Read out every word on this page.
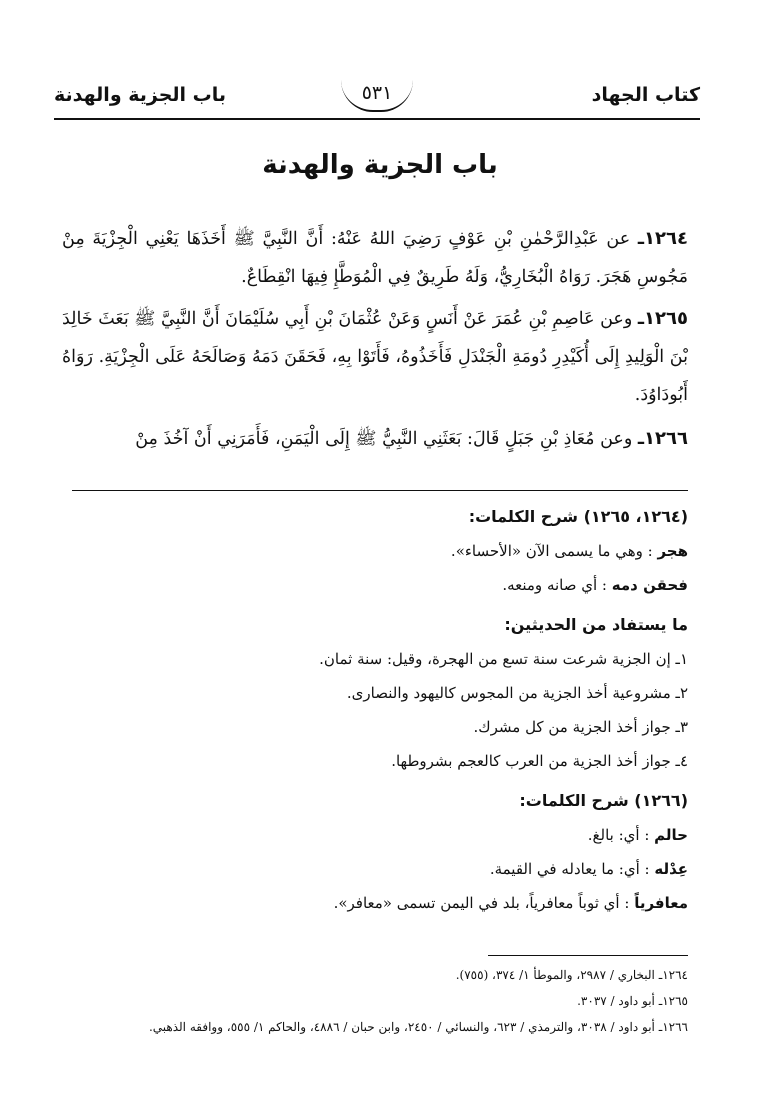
كتاب الجهاد
٥٣١
باب الجزية والهدنة
باب الجزية والهدنة
١٢٦٤ـ عن عَبْدِالرَّحْمٰنِ بْنِ عَوْفٍ رَضِيَ اللهُ عَنْهُ: أَنَّ النَّبِيَّ ﷺ أَخَذَهَا يَعْنِي الْجِزْيَةَ مِنْ مَجُوسِ هَجَرَ. رَوَاهُ الْبُخَارِيُّ، وَلَهُ طَرِيقٌ فِي الْمُوَطَّإِ فِيهَا انْقِطَاعٌ.
١٢٦٥ـ وعن عَاصِمِ بْنِ عُمَرَ عَنْ أَنَسٍ وَعَنْ عُثْمَانَ بْنِ أَبِي سُلَيْمَانَ أَنَّ النَّبِيَّ ﷺ بَعَثَ خَالِدَ بْنَ الْوَلِيدِ إِلَى أُكَيْدِرِ دُومَةِ الْجَنْدَلِ فَأَخَذُوهُ، فَأَتَوْا بِهِ، فَحَقَنَ دَمَهُ وَصَالَحَهُ عَلَى الْجِزْيَةِ. رَوَاهُ أَبُودَاوُدَ.
١٢٦٦ـ وعن مُعَاذِ بْنِ جَبَلٍ قَالَ: بَعَثَنِي النَّبِيُّ ﷺ إِلَى الْيَمَنِ، فَأَمَرَنِي أَنْ آخُذَ مِنْ
(١٢٦٤، ١٢٦٥) شرح الكلمات:
هجر : وهي ما يسمى الآن «الأحساء».
فحقن دمه : أي صانه ومنعه.
ما يستفاد من الحديثين:
١ـ إن الجزية شرعت سنة تسع من الهجرة، وقيل: سنة ثمان.
٢ـ مشروعية أخذ الجزية من المجوس كاليهود والنصارى.
٣ـ جواز أخذ الجزية من كل مشرك.
٤ـ جواز أخذ الجزية من العرب كالعجم بشروطها.
(١٢٦٦) شرح الكلمات:
حالم : أي: بالغ.
عِدْله : أي: ما يعادله في القيمة.
معافرياً : أي ثوباً معافرياً، بلد في اليمن تسمى «معافر».
١٢٦٤ـ البخاري / ٢٩٨٧، والموطأ ١/ ٣٧٤، (٧٥٥).
١٢٦٥ـ أبو داود / ٣٠٣٧.
١٢٦٦ـ أبو داود / ٣٠٣٨، والترمذي / ٦٢٣، والنسائي / ٢٤٥٠، وابن حبان / ٤٨٨٦، والحاكم ١/ ٥٥٥، ووافقه الذهبي.
